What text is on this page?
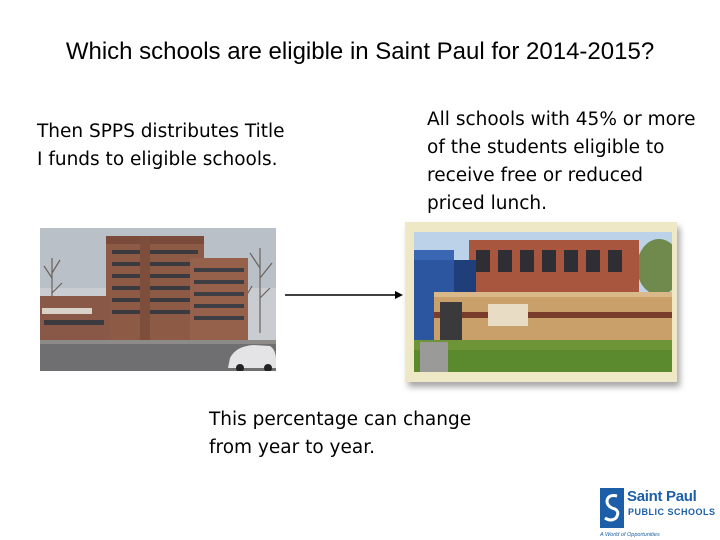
Which schools are eligible in Saint Paul for 2014-2015?
Then SPPS distributes Title I funds to eligible schools.
All schools with 45% or more of the students eligible to receive free or reduced priced lunch.
This percentage can change from year to year.
Saint Paul
PUBLIC SCHOOLS
A World of Opportunities
